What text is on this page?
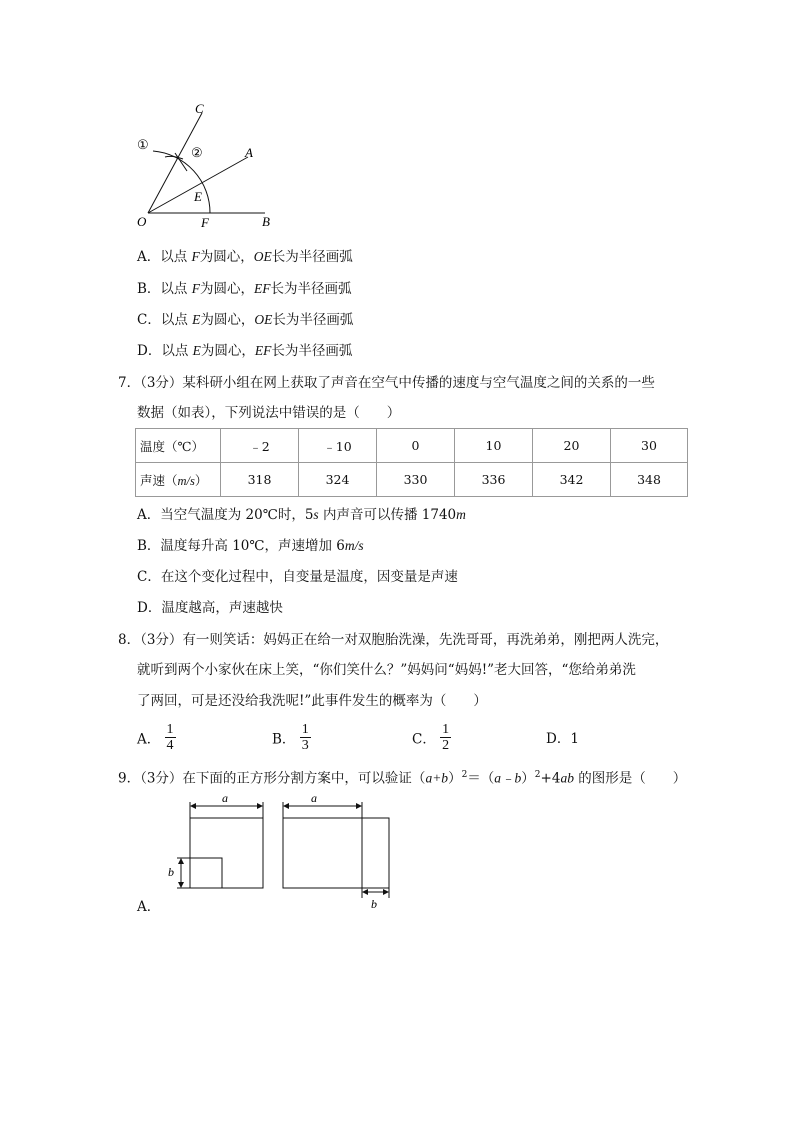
C
A
O	F	B
E
①
②
A．以点 F为圆心，OE长为半径画弧
B．以点 F为圆心，EF长为半径画弧
C．以点 E为圆心，OE长为半径画弧
D．以点 E为圆心，EF长为半径画弧
7．（3分）某科研小组在网上获取了声音在空气中传播的速度与空气温度之间的关系的一些
数据（如表），下列说法中错误的是（　　）
温度（℃）	﹣2	﹣10	0	10	20	30
声速（m/s）	318	324	330	336	342	348
A．当空气温度为 20℃时，5s 内声音可以传播 1740m
B．温度每升高 10℃，声速增加 6m/s
C．在这个变化过程中，自变量是温度，因变量是声速
D．温度越高，声速越快
8．（3分）有一则笑话：妈妈正在给一对双胞胎洗澡，先洗哥哥，再洗弟弟，刚把两人洗完，
就听到两个小家伙在床上笑，“你们笑什么？”妈妈问“妈妈!”老大回答，“您给弟弟洗
了两回，可是还没给我洗呢!”此事件发生的概率为（　　）
A． $\frac{1}{4}$	B． $\frac{1}{3}$	C． $\frac{1}{2}$	D．1
9．（3分）在下面的正方形分割方案中，可以验证$(a+b)^2=(a﹣b)^2+4ab$ 的图形是（　　）
a
b
a
b
A．
